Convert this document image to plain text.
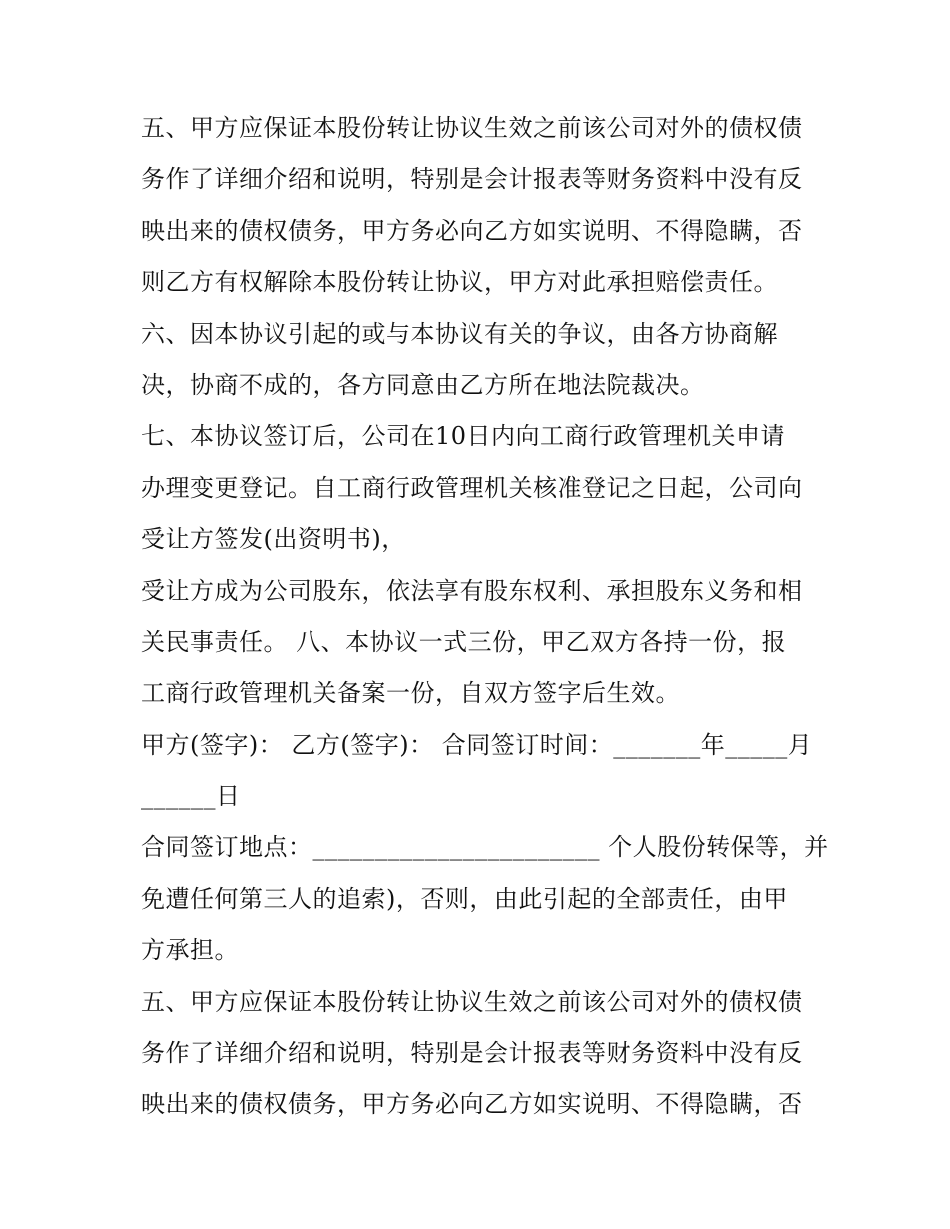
五、甲方应保证本股份转让协议生效之前该公司对外的债权债
务作了详细介绍和说明，特别是会计报表等财务资料中没有反
映出来的债权债务，甲方务必向乙方如实说明、不得隐瞒，否
则乙方有权解除本股份转让协议，甲方对此承担赔偿责任。
六、因本协议引起的或与本协议有关的争议，由各方协商解
决，协商不成的，各方同意由乙方所在地法院裁决。
七、本协议签订后，公司在10日内向工商行政管理机关申请
办理变更登记。自工商行政管理机关核准登记之日起，公司向
受让方签发(出资明书)，
受让方成为公司股东，依法享有股东权利、承担股东义务和相
关民事责任。 八、本协议一式三份，甲乙双方各持一份，报
工商行政管理机关备案一份，自双方签字后生效。
甲方(签字)： 乙方(签字)： 合同签订时间：_______年_____月
______日
合同签订地点：_______________________ 个人股份转保等，并
免遭任何第三人的追索)，否则，由此引起的全部责任，由甲
方承担。
五、甲方应保证本股份转让协议生效之前该公司对外的债权债
务作了详细介绍和说明，特别是会计报表等财务资料中没有反
映出来的债权债务，甲方务必向乙方如实说明、不得隐瞒，否
